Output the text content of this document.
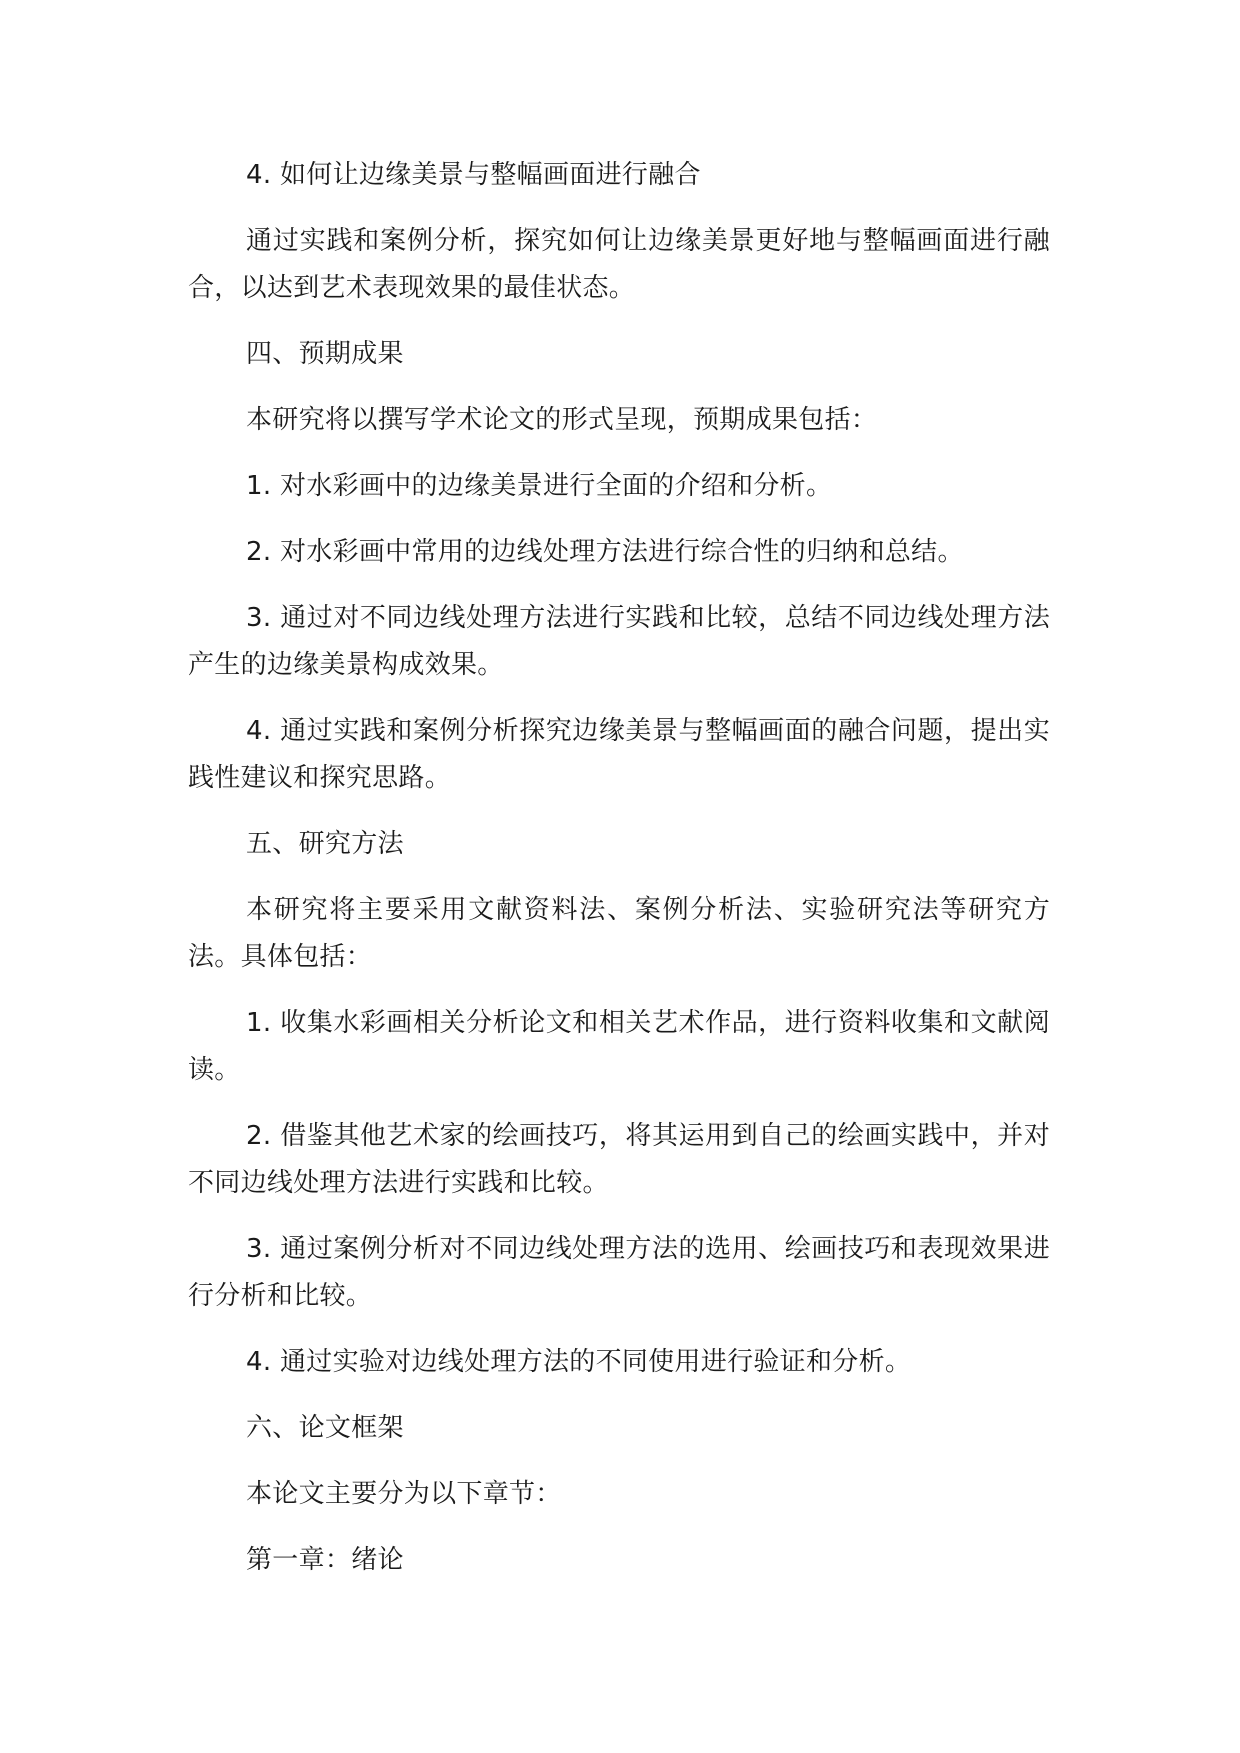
4. 如何让边缘美景与整幅画面进行融合

通过实践和案例分析，探究如何让边缘美景更好地与整幅画面进行融合，以达到艺术表现效果的最佳状态。

四、预期成果

本研究将以撰写学术论文的形式呈现，预期成果包括：

1. 对水彩画中的边缘美景进行全面的介绍和分析。

2. 对水彩画中常用的边线处理方法进行综合性的归纳和总结。

3. 通过对不同边线处理方法进行实践和比较，总结不同边线处理方法产生的边缘美景构成效果。

4. 通过实践和案例分析探究边缘美景与整幅画面的融合问题，提出实践性建议和探究思路。

五、研究方法

本研究将主要采用文献资料法、案例分析法、实验研究法等研究方法。具体包括：

1. 收集水彩画相关分析论文和相关艺术作品，进行资料收集和文献阅读。

2. 借鉴其他艺术家的绘画技巧，将其运用到自己的绘画实践中，并对不同边线处理方法进行实践和比较。

3. 通过案例分析对不同边线处理方法的选用、绘画技巧和表现效果进行分析和比较。

4. 通过实验对边线处理方法的不同使用进行验证和分析。

六、论文框架

本论文主要分为以下章节：

第一章：绪论
